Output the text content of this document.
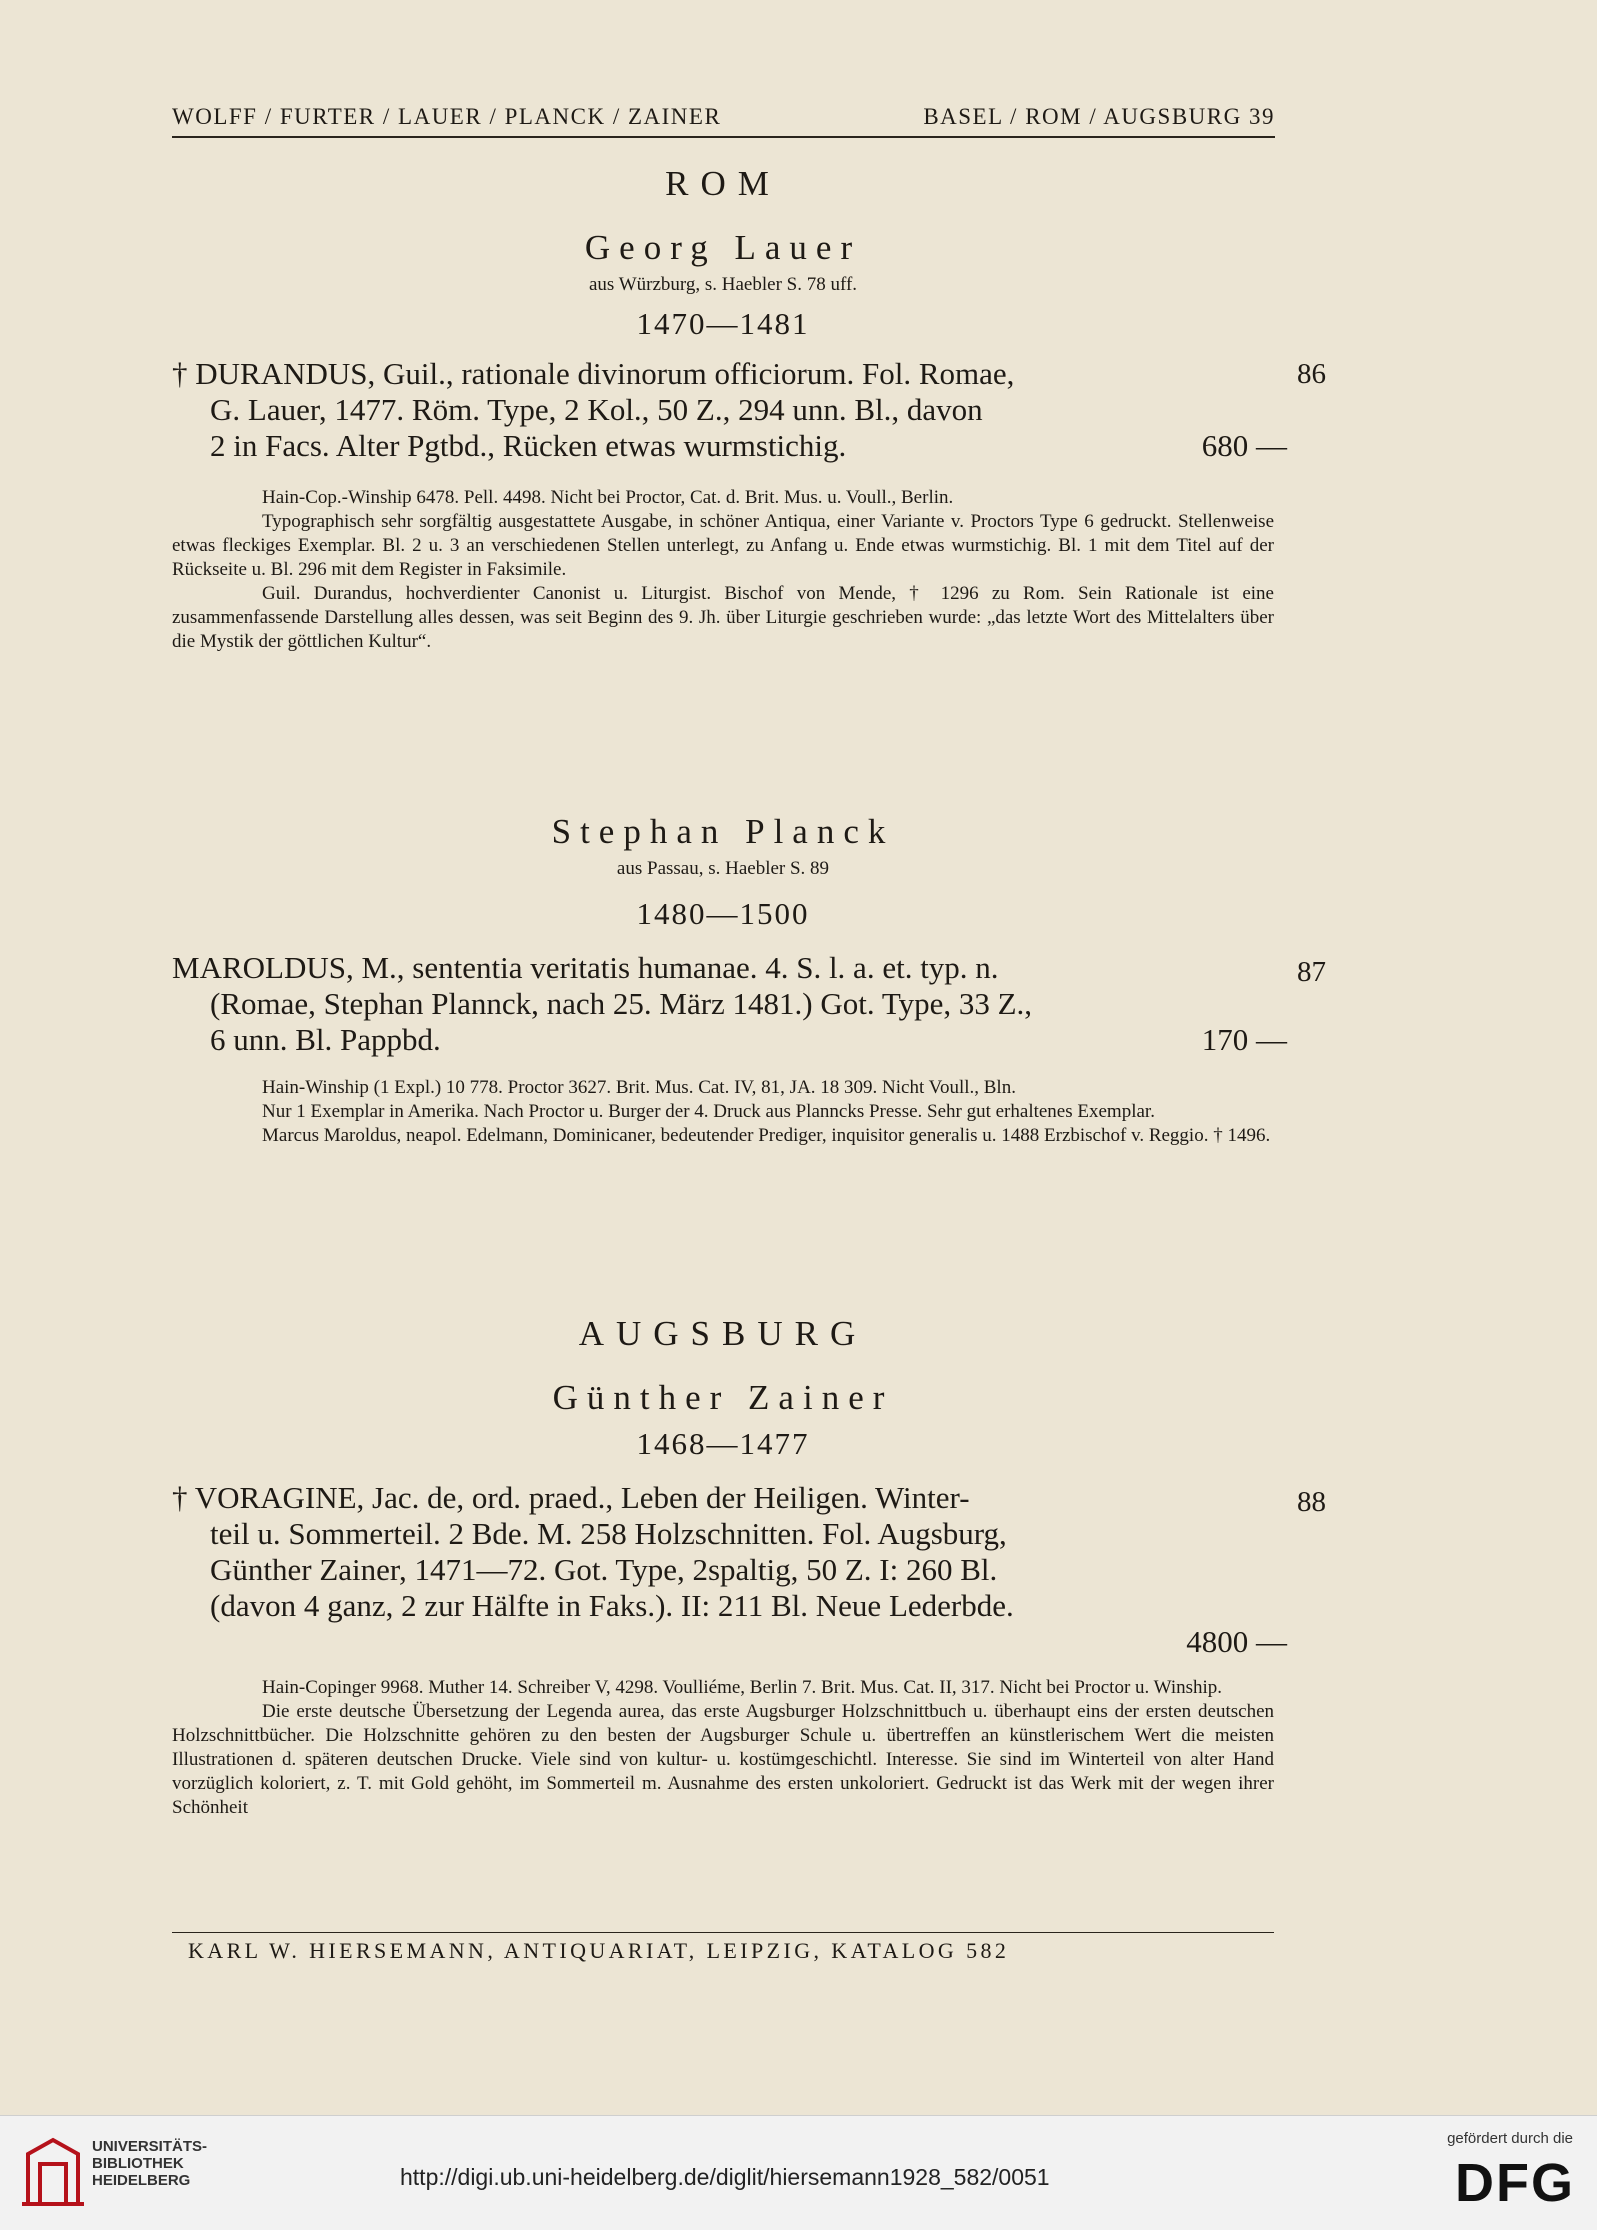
WOLFF / FURTER / LAUER / PLANCK / ZAINER	BASEL / ROM / AUGSBURG 39
ROM
Georg Lauer
aus Würzburg, s. Haebler S. 78 uff.
1470—1481
86
† DURANDUS, Guil., rationale divinorum officiorum. Fol. Romae,
G. Lauer, 1477. Röm. Type, 2 Kol., 50 Z., 294 unn. Bl., davon
2 in Facs. Alter Pgtbd., Rücken etwas wurmstichig.	680 —

Hain-Cop.-Winship 6478. Pell. 4498. Nicht bei Proctor, Cat. d. Brit. Mus. u. Voull., Berlin.

Typographisch sehr sorgfältig ausgestattete Ausgabe, in schöner Antiqua, einer Variante v. Proctors Type 6 gedruckt. Stellenweise etwas fleckiges Exemplar. Bl. 2 u. 3 an verschiedenen Stellen unterlegt, zu Anfang u. Ende etwas wurmstichig. Bl. 1 mit dem Titel auf der Rückseite u. Bl. 296 mit dem Register in Faksimile.

Guil. Durandus, hochverdienter Canonist u. Liturgist. Bischof von Mende, † 1296 zu Rom. Sein Rationale ist eine zusammenfassende Darstellung alles dessen, was seit Beginn des 9. Jh. über Liturgie geschrieben wurde: „das letzte Wort des Mittelalters über die Mystik der göttlichen Kultur“.

Stephan Planck
aus Passau, s. Haebler S. 89
1480—1500
87
MAROLDUS, M., sententia veritatis humanae. 4. S. l. a. et. typ. n.
(Romae, Stephan Plannck, nach 25. März 1481.) Got. Type, 33 Z.,
6 unn. Bl. Pappbd.	170 —

Hain-Winship (1 Expl.) 10 778. Proctor 3627. Brit. Mus. Cat. IV, 81, JA. 18 309. Nicht Voull., Bln.

Nur 1 Exemplar in Amerika. Nach Proctor u. Burger der 4. Druck aus Planncks Presse. Sehr gut erhaltenes Exemplar.

Marcus Maroldus, neapol. Edelmann, Dominicaner, bedeutender Prediger, inquisitor generalis u. 1488 Erzbischof v. Reggio. † 1496.

AUGSBURG
Günther Zainer
1468—1477
88
† VORAGINE, Jac. de, ord. praed., Leben der Heiligen. Winter-
teil u. Sommerteil. 2 Bde. M. 258 Holzschnitten. Fol. Augsburg,
Günther Zainer, 1471—72. Got. Type, 2spaltig, 50 Z. I: 260 Bl.
(davon 4 ganz, 2 zur Hälfte in Faks.). II: 211 Bl. Neue Lederbde.
4800 —

Hain-Copinger 9968. Muther 14. Schreiber V, 4298. Voulliéme, Berlin 7. Brit. Mus. Cat. II, 317. Nicht bei Proctor u. Winship.

Die erste deutsche Übersetzung der Legenda aurea, das erste Augsburger Holzschnittbuch u. überhaupt eins der ersten deutschen Holzschnittbücher. Die Holzschnitte gehören zu den besten der Augsburger Schule u. übertreffen an künstlerischem Wert die meisten Illustrationen d. späteren deutschen Drucke. Viele sind von kultur- u. kostümgeschichtl. Interesse. Sie sind im Winterteil von alter Hand vorzüglich koloriert, z. T. mit Gold gehöht, im Sommerteil m. Ausnahme des ersten unkoloriert. Gedruckt ist das Werk mit der wegen ihrer Schönheit

KARL W. HIERSEMANN, ANTIQUARIAT, LEIPZIG, KATALOG 582
UNIVERSITÄTS-
BIBLIOTHEK
HEIDELBERG	http://digi.ub.uni-heidelberg.de/diglit/hiersemann1928_582/0051
gefördert durch die
DFG
